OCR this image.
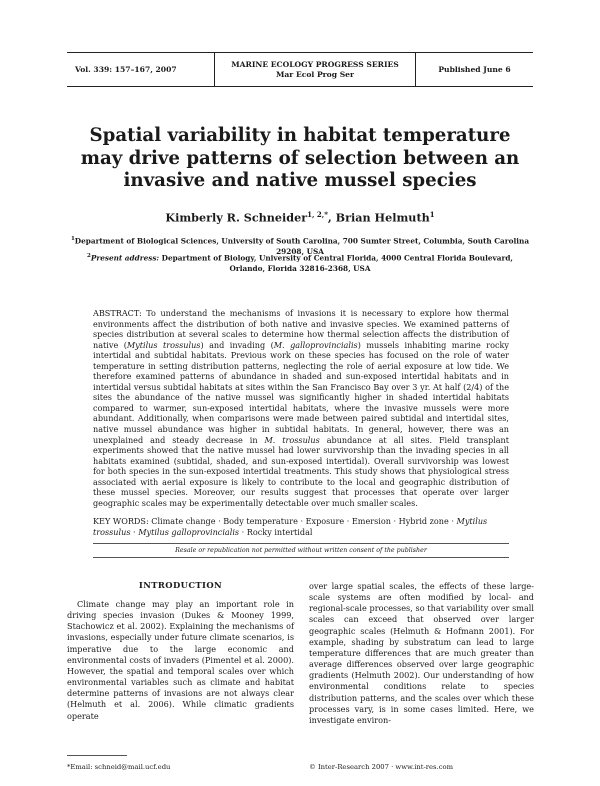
Vol. 339: 157–167, 2007
MARINE ECOLOGY PROGRESS SERIES
Mar Ecol Prog Ser	Published June 6
Spatial variability in habitat temperature may drive patterns of selection between an invasive and native mussel species
Kimberly R. Schneider$^{1, 2,*}$, Brian Helmuth$^1$
$^1$Department of Biological Sciences, University of South Carolina, 700 Sumter Street, Columbia, South Carolina 29208, USA
$^2$Present address: Department of Biology, University of Central Florida, 4000 Central Florida Boulevard, Orlando, Florida 32816-2368, USA
ABSTRACT: To understand the mechanisms of invasions it is necessary to explore how thermal environments affect the distribution of both native and invasive species. We examined patterns of species distribution at several scales to determine how thermal selection affects the distribution of native (Mytilus trossulus) and invading (M. galloprovincialis) mussels inhabiting marine rocky intertidal and subtidal habitats. Previous work on these species has focused on the role of water temperature in setting distribution patterns, neglecting the role of aerial exposure at low tide. We therefore examined patterns of abundance in shaded and sun-exposed intertidal habitats and in intertidal versus subtidal habitats at sites within the San Francisco Bay over 3 yr. At half (2/4) of the sites the abundance of the native mussel was significantly higher in shaded intertidal habitats compared to warmer, sun-exposed intertidal habitats, where the invasive mussels were more abundant. Additionally, when comparisons were made between paired subtidal and intertidal sites, native mussel abundance was higher in subtidal habitats. In general, however, there was an unexplained and steady decrease in M. trossulus abundance at all sites. Field transplant experiments showed that the native mussel had lower survivorship than the invading species in all habitats examined (subtidal, shaded, and sun-exposed intertidal). Overall survivorship was lowest for both species in the sun-exposed intertidal treatments. This study shows that physiological stress associated with aerial exposure is likely to contribute to the local and geographic distribution of these mussel species. Moreover, our results suggest that processes that operate over larger geographic scales may be experimentally detectable over much smaller scales.
KEY WORDS: Climate change · Body temperature · Exposure · Emersion · Hybrid zone · Mytilus trossulus · Mytilus galloprovincialis · Rocky intertidal
Resale or republication not permitted without written consent of the publisher
INTRODUCTION
Climate change may play an important role in driving species invasion (Dukes & Mooney 1999, Stachowicz et al. 2002). Explaining the mechanisms of invasions, especially under future climate scenarios, is imperative due to the large economic and environmental costs of invaders (Pimentel et al. 2000). However, the spatial and temporal scales over which environmental variables such as climate and habitat determine patterns of invasions are not always clear (Helmuth et al. 2006). While climatic gradients operate
over large spatial scales, the effects of these large-scale systems are often modified by local- and regional-scale processes, so that variability over small scales can exceed that observed over larger geographic scales (Helmuth & Hofmann 2001). For example, shading by substratum can lead to large temperature differences that are much greater than average differences observed over large geographic gradients (Helmuth 2002). Our understanding of how environmental conditions relate to species distribution patterns, and the scales over which these processes vary, is in some cases limited. Here, we investigate environ-
*Email: schneid@mail.ucf.edu	© Inter-Research 2007 · www.int-res.com
